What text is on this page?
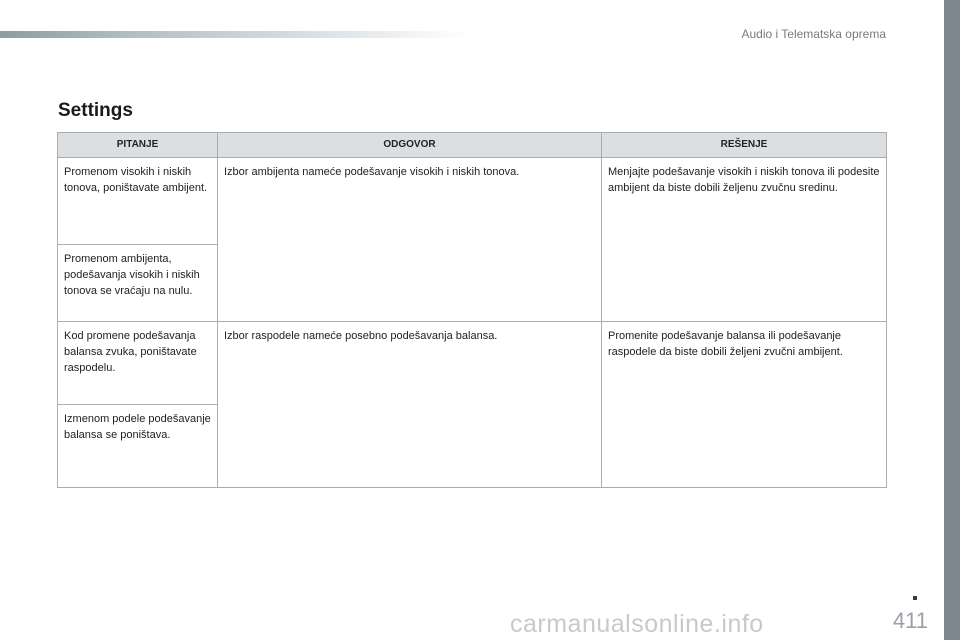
Audio i Telematska oprema
Settings
PITANJE	ODGOVOR	REŠENJE
Promenom visokih i niskih tonova, poništavate ambijent.	Izbor ambijenta nameće podešavanje visokih i niskih tonova.	Menjajte podešavanje visokih i niskih tonova ili podesite ambijent da biste dobili željenu zvučnu sredinu.
Promenom ambijenta, podešavanja visokih i niskih tonova se vraćaju na nulu.		
Kod promene podešavanja balansa zvuka, poništavate raspodelu.	Izbor raspodele nameće posebno podešavanja balansa.	Promenite podešavanje balansa ili podešavanje raspodele da biste dobili željeni zvučni ambijent.
Izmenom podele podešavanje balansa se poništava.		
411
carmanualsonline.info
